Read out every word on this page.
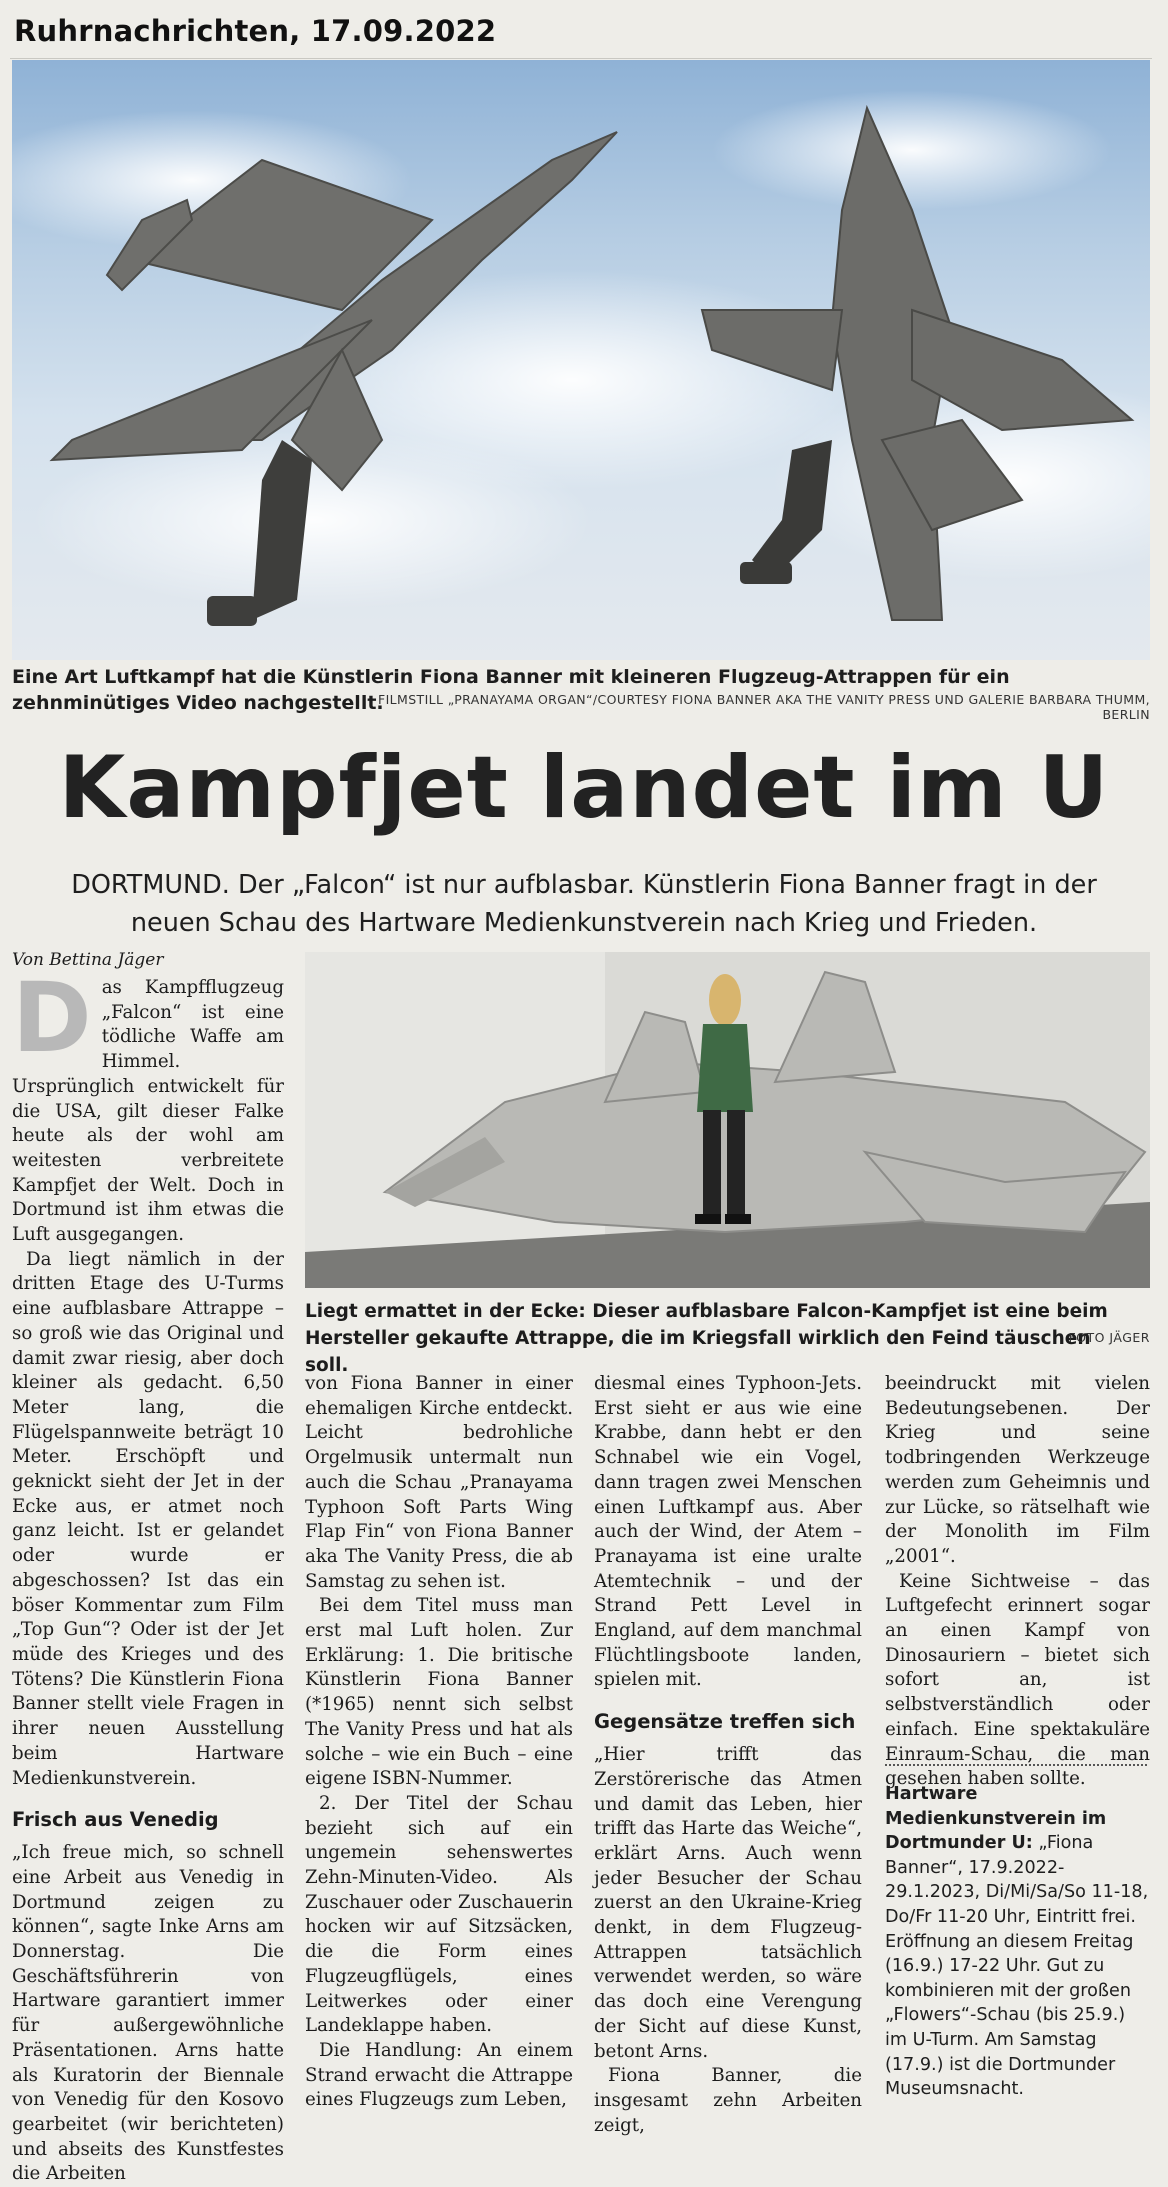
Ruhrnachrichten, 17.09.2022
Eine Art Luftkampf hat die Künstlerin Fiona Banner mit kleineren Flugzeug-Attrappen für ein zehnminütiges Video nachgestellt.
FILMSTILL „PRANAYAMA ORGAN“/COURTESY FIONA BANNER AKA THE VANITY PRESS UND GALERIE BARBARA THUMM, BERLIN
Kampfjet landet im U
DORTMUND. Der „Falcon“ ist nur aufblasbar. Künstlerin Fiona Banner fragt in der neuen Schau des Hartware Medienkunstverein nach Krieg und Frieden.
Von Bettina Jäger

Das Kampfflugzeug „Falcon“ ist eine tödliche Waffe am Himmel. Ursprünglich entwickelt für die USA, gilt dieser Falke heute als der wohl am weitesten verbreitete Kampfjet der Welt. Doch in Dortmund ist ihm etwas die Luft ausgegangen.

Da liegt nämlich in der dritten Etage des U-Turms eine aufblasbare Attrappe – so groß wie das Original und damit zwar riesig, aber doch kleiner als gedacht. 6,50 Meter lang, die Flügelspannweite beträgt 10 Meter. Erschöpft und geknickt sieht der Jet in der Ecke aus, er atmet noch ganz leicht. Ist er gelandet oder wurde er abgeschossen? Ist das ein böser Kommentar zum Film „Top Gun“? Oder ist der Jet müde des Krieges und des Tötens? Die Künstlerin Fiona Banner stellt viele Fragen in ihrer neuen Ausstellung beim Hartware Medienkunstverein.

Frisch aus Venedig

„Ich freue mich, so schnell eine Arbeit aus Venedig in Dortmund zeigen zu können“, sagte Inke Arns am Donnerstag. Die Geschäftsführerin von Hartware garantiert immer für außergewöhnliche Präsentationen. Arns hatte als Kuratorin der Biennale von Venedig für den Kosovo gearbeitet (wir berichteten) und abseits des Kunstfestes die Arbeiten

Liegt ermattet in der Ecke: Dieser aufblasbare Falcon-Kampfjet ist eine beim Hersteller gekaufte Attrappe, die im Kriegsfall wirklich den Feind täuschen soll.
FOTO JÄGER

von Fiona Banner in einer ehemaligen Kirche entdeckt. Leicht bedrohliche Orgelmusik untermalt nun auch die Schau „Pranayama Typhoon Soft Parts Wing Flap Fin“ von Fiona Banner aka The Vanity Press, die ab Samstag zu sehen ist.

Bei dem Titel muss man erst mal Luft holen. Zur Erklärung: 1. Die britische Künstlerin Fiona Banner (*1965) nennt sich selbst The Vanity Press und hat als solche – wie ein Buch – eine eigene ISBN-Nummer.

2. Der Titel der Schau bezieht sich auf ein ungemein sehenswertes Zehn-Minuten-Video. Als Zuschauer oder Zuschauerin hocken wir auf Sitzsäcken, die die Form eines Flugzeugflügels, eines Leitwerkes oder einer Landeklappe haben.

Die Handlung: An einem Strand erwacht die Attrappe eines Flugzeugs zum Leben,

diesmal eines Typhoon-Jets. Erst sieht er aus wie eine Krabbe, dann hebt er den Schnabel wie ein Vogel, dann tragen zwei Menschen einen Luftkampf aus. Aber auch der Wind, der Atem – Pranayama ist eine uralte Atemtechnik – und der Strand Pett Level in England, auf dem manchmal Flüchtlingsboote landen, spielen mit.

Gegensätze treffen sich

„Hier trifft das Zerstörerische das Atmen und damit das Leben, hier trifft das Harte das Weiche“, erklärt Arns. Auch wenn jeder Besucher der Schau zuerst an den Ukraine-Krieg denkt, in dem Flugzeug-Attrappen tatsächlich verwendet werden, so wäre das doch eine Verengung der Sicht auf diese Kunst, betont Arns.

Fiona Banner, die insgesamt zehn Arbeiten zeigt,

beeindruckt mit vielen Bedeutungsebenen. Der Krieg und seine todbringenden Werkzeuge werden zum Geheimnis und zur Lücke, so rätselhaft wie der Monolith im Film „2001“.

Keine Sichtweise – das Luftgefecht erinnert sogar an einen Kampf von Dinosauriern – bietet sich sofort an, ist selbstverständlich oder einfach. Eine spektakuläre Einraum-Schau, die man gesehen haben sollte.

Hartware Medienkunstverein im Dortmunder U: „Fiona Banner“, 17.9.2022-29.1.2023, Di/Mi/Sa/So 11-18, Do/Fr 11-20 Uhr, Eintritt frei. Eröffnung an diesem Freitag (16.9.) 17-22 Uhr. Gut zu kombinieren mit der großen „Flowers“-Schau (bis 25.9.) im U-Turm. Am Samstag (17.9.) ist die Dortmunder Museumsnacht.
